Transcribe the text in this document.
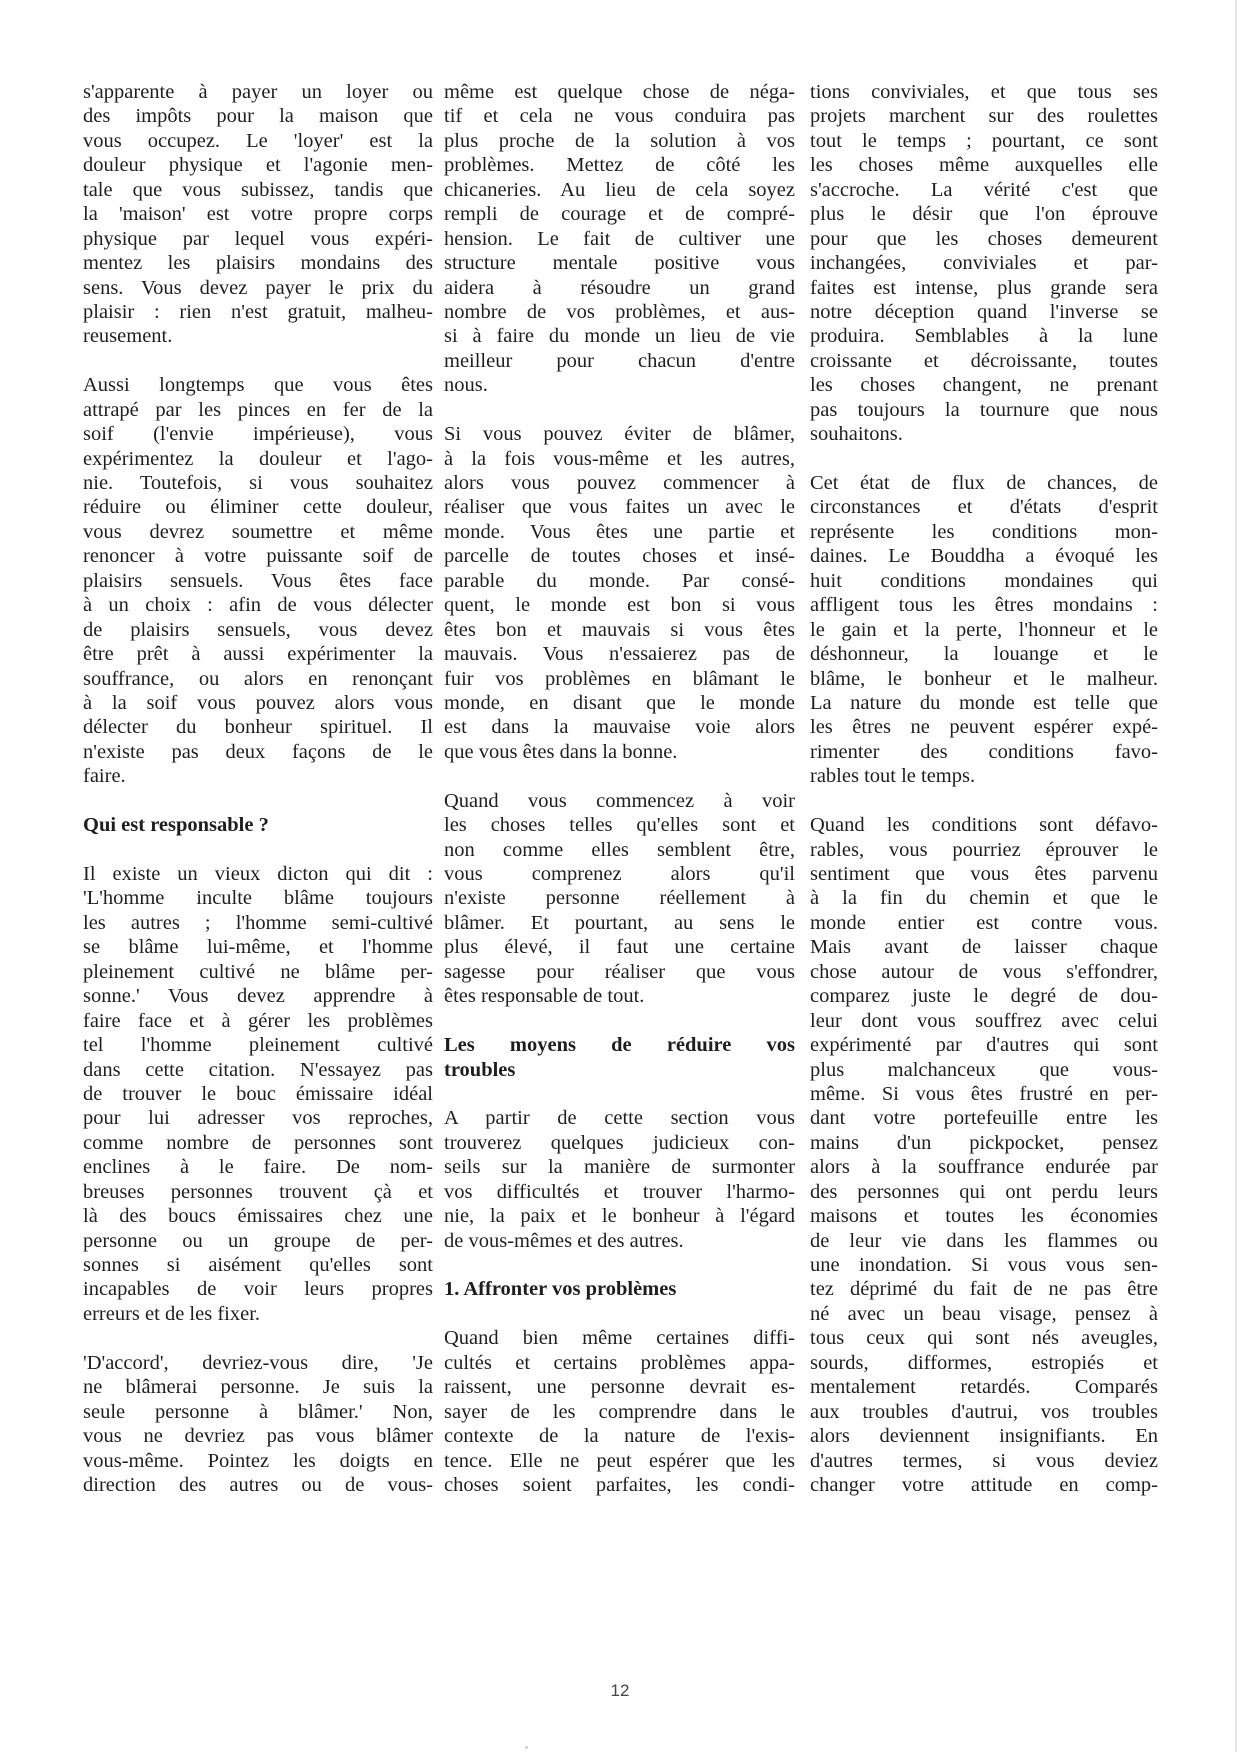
s'apparente à payer un loyer ou
des impôts pour la maison que
vous occupez. Le 'loyer' est la
douleur physique et l'agonie men-
tale que vous subissez, tandis que
la 'maison' est votre propre corps
physique par lequel vous expéri-
mentez les plaisirs mondains des
sens. Vous devez payer le prix du
plaisir : rien n'est gratuit, malheu-
reusement.
Aussi longtemps que vous êtes
attrapé par les pinces en fer de la
soif (l'envie impérieuse), vous
expérimentez la douleur et l'ago-
nie. Toutefois, si vous souhaitez
réduire ou éliminer cette douleur,
vous devrez soumettre et même
renoncer à votre puissante soif de
plaisirs sensuels. Vous êtes face
à un choix : afin de vous délecter
de plaisirs sensuels, vous devez
être prêt à aussi expérimenter la
souffrance, ou alors en renonçant
à la soif vous pouvez alors vous
délecter du bonheur spirituel. Il
n'existe pas deux façons de le
faire.
Qui est responsable ?
Il existe un vieux dicton qui dit :
'L'homme inculte blâme toujours
les autres ; l'homme semi-cultivé
se blâme lui-même, et l'homme
pleinement cultivé ne blâme per-
sonne.' Vous devez apprendre à
faire face et à gérer les problèmes
tel l'homme pleinement cultivé
dans cette citation. N'essayez pas
de trouver le bouc émissaire idéal
pour lui adresser vos reproches,
comme nombre de personnes sont
enclines à le faire. De nom-
breuses personnes trouvent çà et
là des boucs émissaires chez une
personne ou un groupe de per-
sonnes si aisément qu'elles sont
incapables de voir leurs propres
erreurs et de les fixer.
'D'accord', devriez-vous dire, 'Je
ne blâmerai personne. Je suis la
seule personne à blâmer.' Non,
vous ne devriez pas vous blâmer
vous-même. Pointez les doigts en
direction des autres ou de vous-
même est quelque chose de néga-
tif et cela ne vous conduira pas
plus proche de la solution à vos
problèmes. Mettez de côté les
chicaneries. Au lieu de cela soyez
rempli de courage et de compré-
hension. Le fait de cultiver une
structure mentale positive vous
aidera à résoudre un grand
nombre de vos problèmes, et aus-
si à faire du monde un lieu de vie
meilleur pour chacun d'entre
nous.
Si vous pouvez éviter de blâmer,
à la fois vous-même et les autres,
alors vous pouvez commencer à
réaliser que vous faites un avec le
monde. Vous êtes une partie et
parcelle de toutes choses et insé-
parable du monde. Par consé-
quent, le monde est bon si vous
êtes bon et mauvais si vous êtes
mauvais. Vous n'essaierez pas de
fuir vos problèmes en blâmant le
monde, en disant que le monde
est dans la mauvaise voie alors
que vous êtes dans la bonne.
Quand vous commencez à voir
les choses telles qu'elles sont et
non comme elles semblent être,
vous comprenez alors qu'il
n'existe personne réellement à
blâmer. Et pourtant, au sens le
plus élevé, il faut une certaine
sagesse pour réaliser que vous
êtes responsable de tout.
Les moyens de réduire vos
troubles
A partir de cette section vous
trouverez quelques judicieux con-
seils sur la manière de surmonter
vos difficultés et trouver l'harmo-
nie, la paix et le bonheur à l'égard
de vous-mêmes et des autres.
1. Affronter vos problèmes
Quand bien même certaines diffi-
cultés et certains problèmes appa-
raissent, une personne devrait es-
sayer de les comprendre dans le
contexte de la nature de l'exis-
tence. Elle ne peut espérer que les
choses soient parfaites, les condi-
tions conviviales, et que tous ses
projets marchent sur des roulettes
tout le temps ; pourtant, ce sont
les choses même auxquelles elle
s'accroche. La vérité c'est que
plus le désir que l'on éprouve
pour que les choses demeurent
inchangées, conviviales et par-
faites est intense, plus grande sera
notre déception quand l'inverse se
produira. Semblables à la lune
croissante et décroissante, toutes
les choses changent, ne prenant
pas toujours la tournure que nous
souhaitons.
Cet état de flux de chances, de
circonstances et d'états d'esprit
représente les conditions mon-
daines. Le Bouddha a évoqué les
huit conditions mondaines qui
affligent tous les êtres mondains :
le gain et la perte, l'honneur et le
déshonneur, la louange et le
blâme, le bonheur et le malheur.
La nature du monde est telle que
les êtres ne peuvent espérer expé-
rimenter des conditions favo-
rables tout le temps.
Quand les conditions sont défavo-
rables, vous pourriez éprouver le
sentiment que vous êtes parvenu
à la fin du chemin et que le
monde entier est contre vous.
Mais avant de laisser chaque
chose autour de vous s'effondrer,
comparez juste le degré de dou-
leur dont vous souffrez avec celui
expérimenté par d'autres qui sont
plus malchanceux que vous-
même. Si vous êtes frustré en per-
dant votre portefeuille entre les
mains d'un pickpocket, pensez
alors à la souffrance endurée par
des personnes qui ont perdu leurs
maisons et toutes les économies
de leur vie dans les flammes ou
une inondation. Si vous vous sen-
tez déprimé du fait de ne pas être
né avec un beau visage, pensez à
tous ceux qui sont nés aveugles,
sourds, difformes, estropiés et
mentalement retardés. Comparés
aux troubles d'autrui, vos troubles
alors deviennent insignifiants. En
d'autres termes, si vous deviez
changer votre attitude en comp-
12
